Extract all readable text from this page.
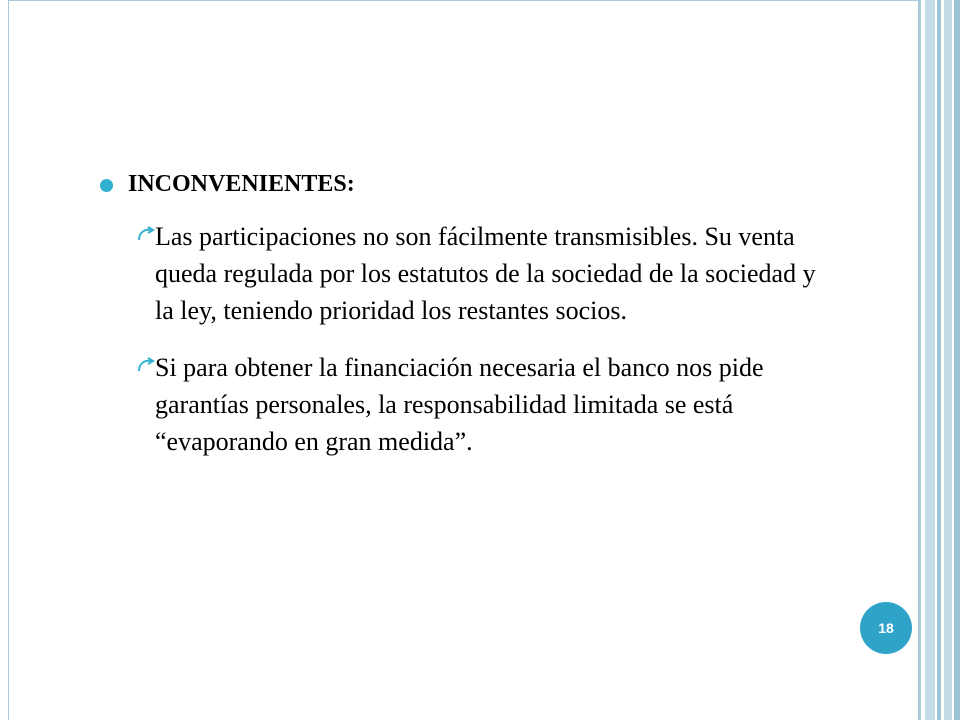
INCONVENIENTES:

Las participaciones no son fácilmente transmisibles. Su venta queda regulada por los estatutos de la sociedad de la sociedad y la ley, teniendo prioridad los restantes socios.

Si para obtener la financiación necesaria el banco nos pide garantías personales, la responsabilidad limitada se está “evaporando en gran medida”.

18
